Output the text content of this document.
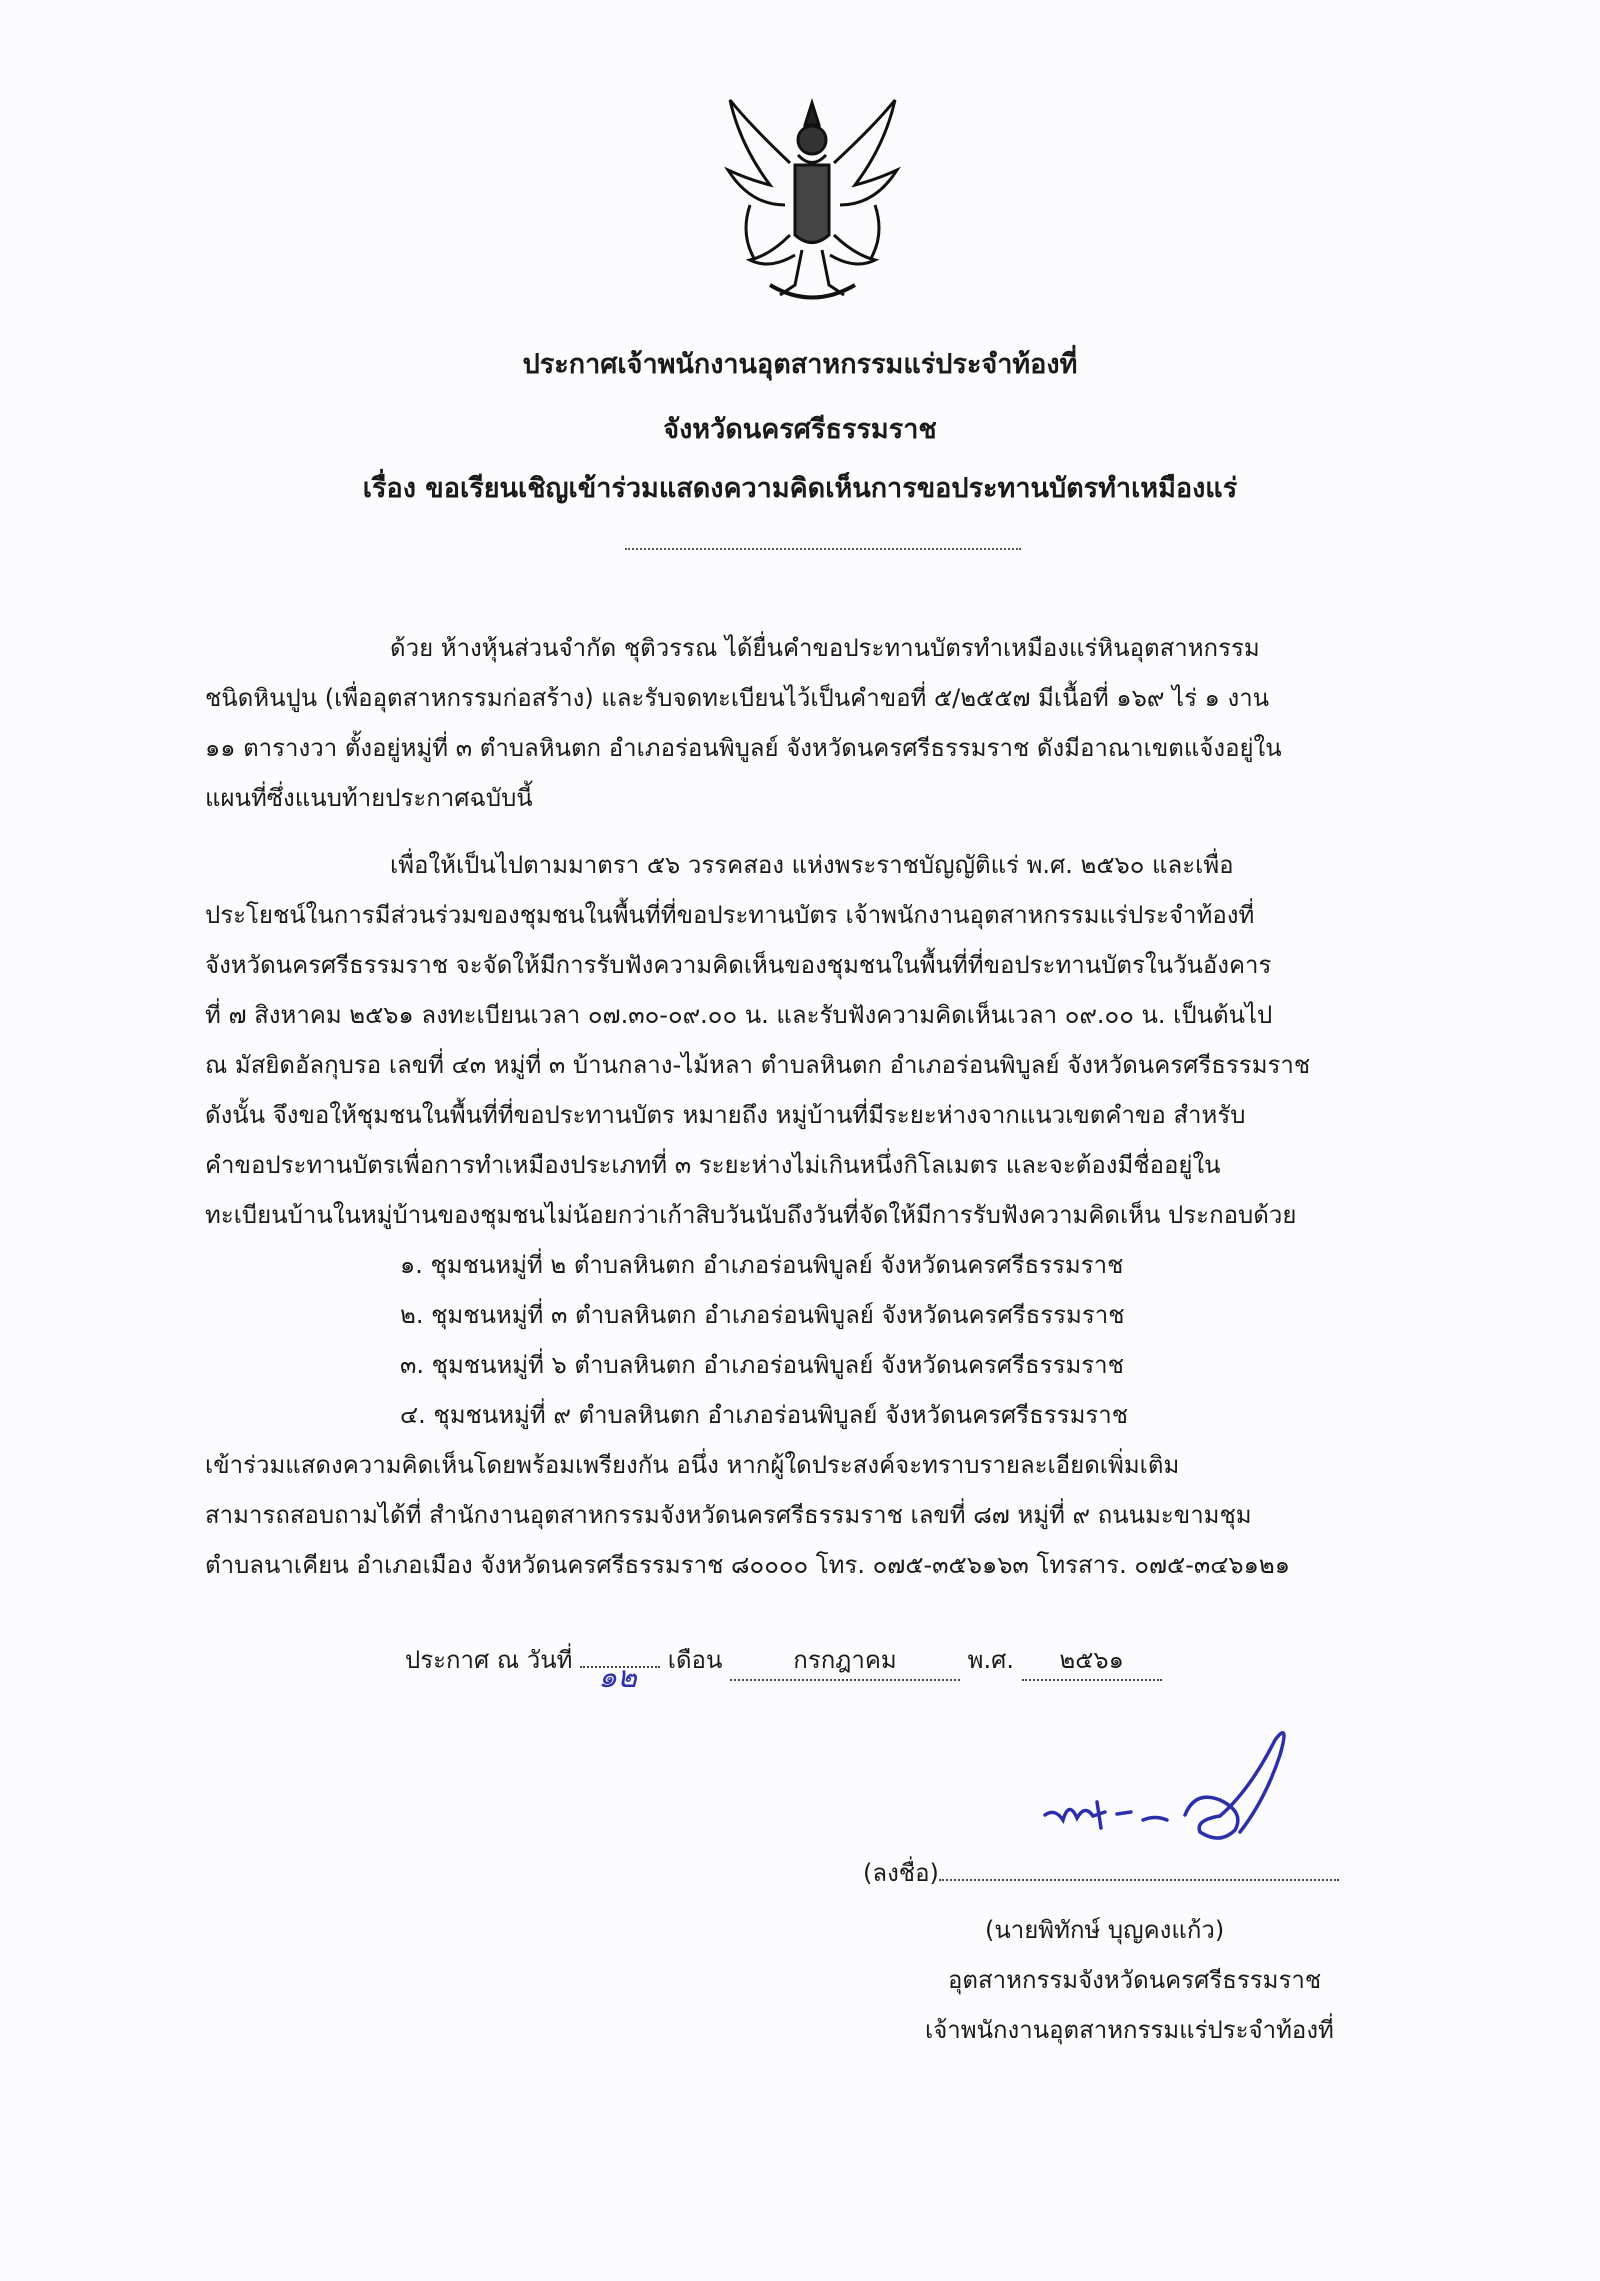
ประกาศเจ้าพนักงานอุตสาหกรรมแร่ประจำท้องที่

จังหวัดนครศรีธรรมราช

เรื่อง ขอเรียนเชิญเข้าร่วมแสดงความคิดเห็นการขอประทานบัตรทำเหมืองแร่

ด้วย ห้างหุ้นส่วนจำกัด ชุติวรรณ ได้ยื่นคำขอประทานบัตรทำเหมืองแร่หินอุตสาหกรรม

ชนิดหินปูน (เพื่ออุตสาหกรรมก่อสร้าง) และรับจดทะเบียนไว้เป็นคำขอที่ ๕/๒๕๕๗ มีเนื้อที่ ๑๖๙ ไร่ ๑ งาน

๑๑ ตารางวา ตั้งอยู่หมู่ที่ ๓ ตำบลหินตก อำเภอร่อนพิบูลย์ จังหวัดนครศรีธรรมราช ดังมีอาณาเขตแจ้งอยู่ใน

แผนที่ซึ่งแนบท้ายประกาศฉบับนี้

เพื่อให้เป็นไปตามมาตรา ๕๖ วรรคสอง แห่งพระราชบัญญัติแร่ พ.ศ. ๒๕๖๐ และเพื่อ

ประโยชน์ในการมีส่วนร่วมของชุมชนในพื้นที่ที่ขอประทานบัตร เจ้าพนักงานอุตสาหกรรมแร่ประจำท้องที่

จังหวัดนครศรีธรรมราช จะจัดให้มีการรับฟังความคิดเห็นของชุมชนในพื้นที่ที่ขอประทานบัตรในวันอังคาร

ที่ ๗ สิงหาคม ๒๕๖๑ ลงทะเบียนเวลา ๐๗.๓๐-๐๙.๐๐ น. และรับฟังความคิดเห็นเวลา ๐๙.๐๐ น. เป็นต้นไป

ณ มัสยิดอัลกุบรอ เลขที่ ๔๓ หมู่ที่ ๓ บ้านกลาง-ไม้หลา ตำบลหินตก อำเภอร่อนพิบูลย์ จังหวัดนครศรีธรรมราช

ดังนั้น จึงขอให้ชุมชนในพื้นที่ที่ขอประทานบัตร หมายถึง หมู่บ้านที่มีระยะห่างจากแนวเขตคำขอ สำหรับ

คำขอประทานบัตรเพื่อการทำเหมืองประเภทที่ ๓ ระยะห่างไม่เกินหนึ่งกิโลเมตร และจะต้องมีชื่ออยู่ใน

ทะเบียนบ้านในหมู่บ้านของชุมชนไม่น้อยกว่าเก้าสิบวันนับถึงวันที่จัดให้มีการรับฟังความคิดเห็น ประกอบด้วย

๑. ชุมชนหมู่ที่ ๒ ตำบลหินตก อำเภอร่อนพิบูลย์ จังหวัดนครศรีธรรมราช

๒. ชุมชนหมู่ที่ ๓ ตำบลหินตก อำเภอร่อนพิบูลย์ จังหวัดนครศรีธรรมราช

๓. ชุมชนหมู่ที่ ๖ ตำบลหินตก อำเภอร่อนพิบูลย์ จังหวัดนครศรีธรรมราช

๔. ชุมชนหมู่ที่ ๙ ตำบลหินตก อำเภอร่อนพิบูลย์ จังหวัดนครศรีธรรมราช

เข้าร่วมแสดงความคิดเห็นโดยพร้อมเพรียงกัน อนึ่ง หากผู้ใดประสงค์จะทราบรายละเอียดเพิ่มเติม

สามารถสอบถามได้ที่ สำนักงานอุตสาหกรรมจังหวัดนครศรีธรรมราช เลขที่ ๘๗ หมู่ที่ ๙ ถนนมะขามชุม

ตำบลนาเคียน อำเภอเมือง จังหวัดนครศรีธรรมราช ๘๐๐๐๐ โทร. ๐๗๕-๓๕๖๑๖๓ โทรสาร. ๐๗๕-๓๔๖๑๒๑

ประกาศ ณ วันที่ ๑๒ เดือน	กรกฎาคม	พ.ศ. ๒๕๖๑
(ลงชื่อ)

(นายพิทักษ์ บุญคงแก้ว)

อุตสาหกรรมจังหวัดนครศรีธรรมราช

เจ้าพนักงานอุตสาหกรรมแร่ประจำท้องที่
